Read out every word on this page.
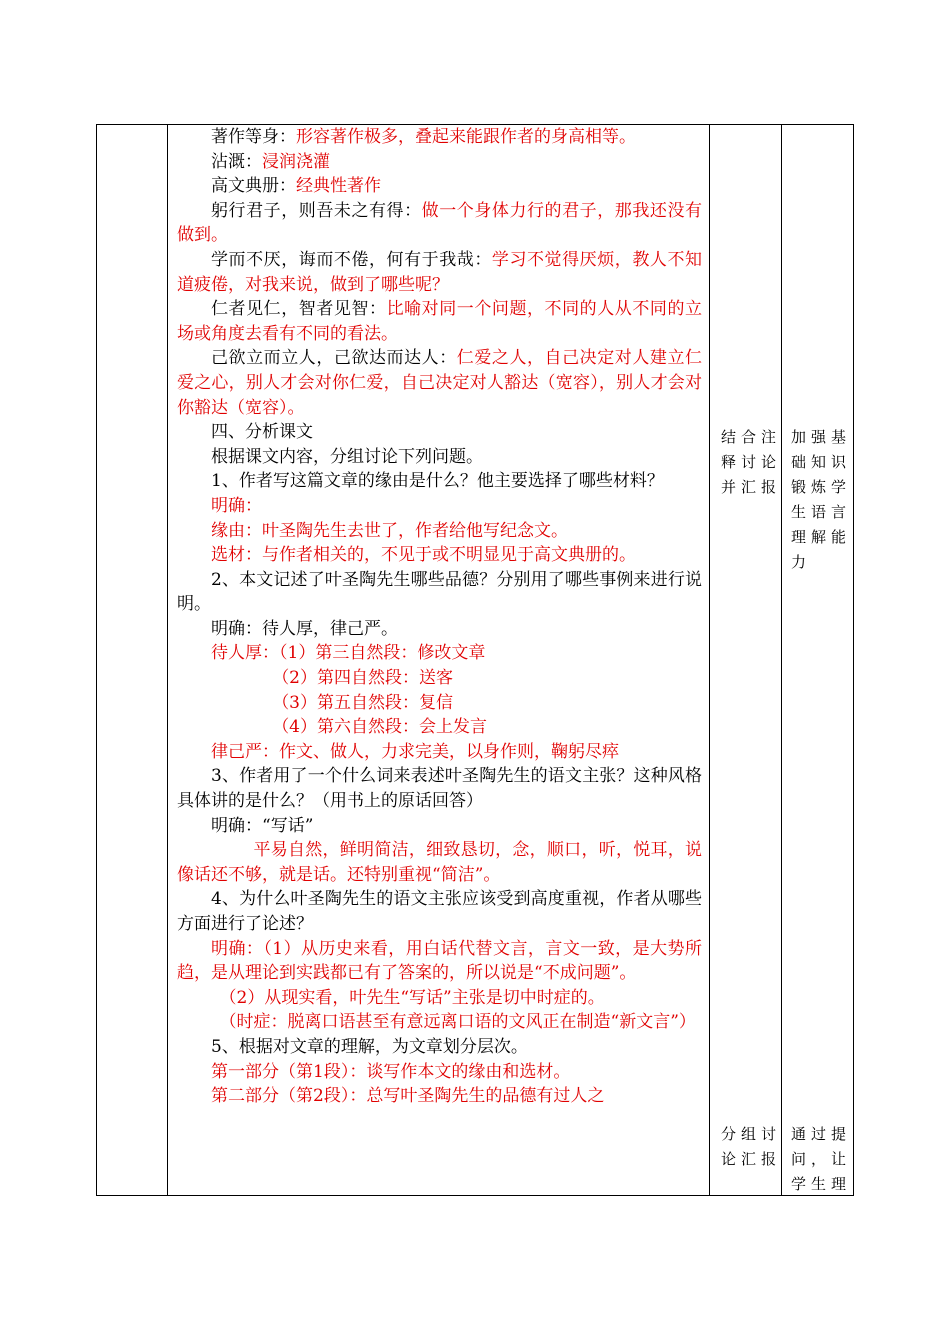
著作等身：形容著作极多，叠起来能跟作者的身高相等。

沾溉：浸润浇灌

高文典册：经典性著作

躬行君子，则吾未之有得：做一个身体力行的君子，那我还没有做到。

学而不厌，诲而不倦，何有于我哉：学习不觉得厌烦，教人不知道疲倦，对我来说，做到了哪些呢？

仁者见仁，智者见智：比喻对同一个问题，不同的人从不同的立场或角度去看有不同的看法。

己欲立而立人，己欲达而达人：仁爱之人，自己决定对人建立仁爱之心，别人才会对你仁爱，自己决定对人豁达（宽容），别人才会对你豁达（宽容）。

四、分析课文

根据课文内容，分组讨论下列问题。

1、作者写这篇文章的缘由是什么？他主要选择了哪些材料？

明确：

缘由：叶圣陶先生去世了，作者给他写纪念文。

选材：与作者相关的，不见于或不明显见于高文典册的。

2、本文记述了叶圣陶先生哪些品德？分别用了哪些事例来进行说明。

明确：待人厚，律己严。

待人厚：（1）第三自然段：修改文章

（2）第四自然段：送客

（3）第五自然段：复信

（4）第六自然段：会上发言

律己严：作文、做人，力求完美，以身作则，鞠躬尽瘁

3、作者用了一个什么词来表述叶圣陶先生的语文主张？这种风格具体讲的是什么？（用书上的原话回答）

明确：“写话”

平易自然，鲜明简洁，细致恳切，念，顺口，听，悦耳，说像话还不够，就是话。还特别重视“简洁”。

4、为什么叶圣陶先生的语文主张应该受到高度重视，作者从哪些方面进行了论述？

明确：（1）从历史来看，用白话代替文言，言文一致，是大势所趋，是从理论到实践都已有了答案的，所以说是“不成问题”。

（2）从现实看，叶先生“写话”主张是切中时症的。

（时症：脱离口语甚至有意远离口语的文风正在制造“新文言”）

5、根据对文章的理解，为文章划分层次。

第一部分（第1段）：谈写作本文的缘由和选材。

第二部分（第2段）：总写叶圣陶先生的品德有过人之

结合注
释讨论
并汇报
分组讨
论汇报
加强基
础知识
锻炼学
生语言
理解能
力
通过提
问，让
学生理
